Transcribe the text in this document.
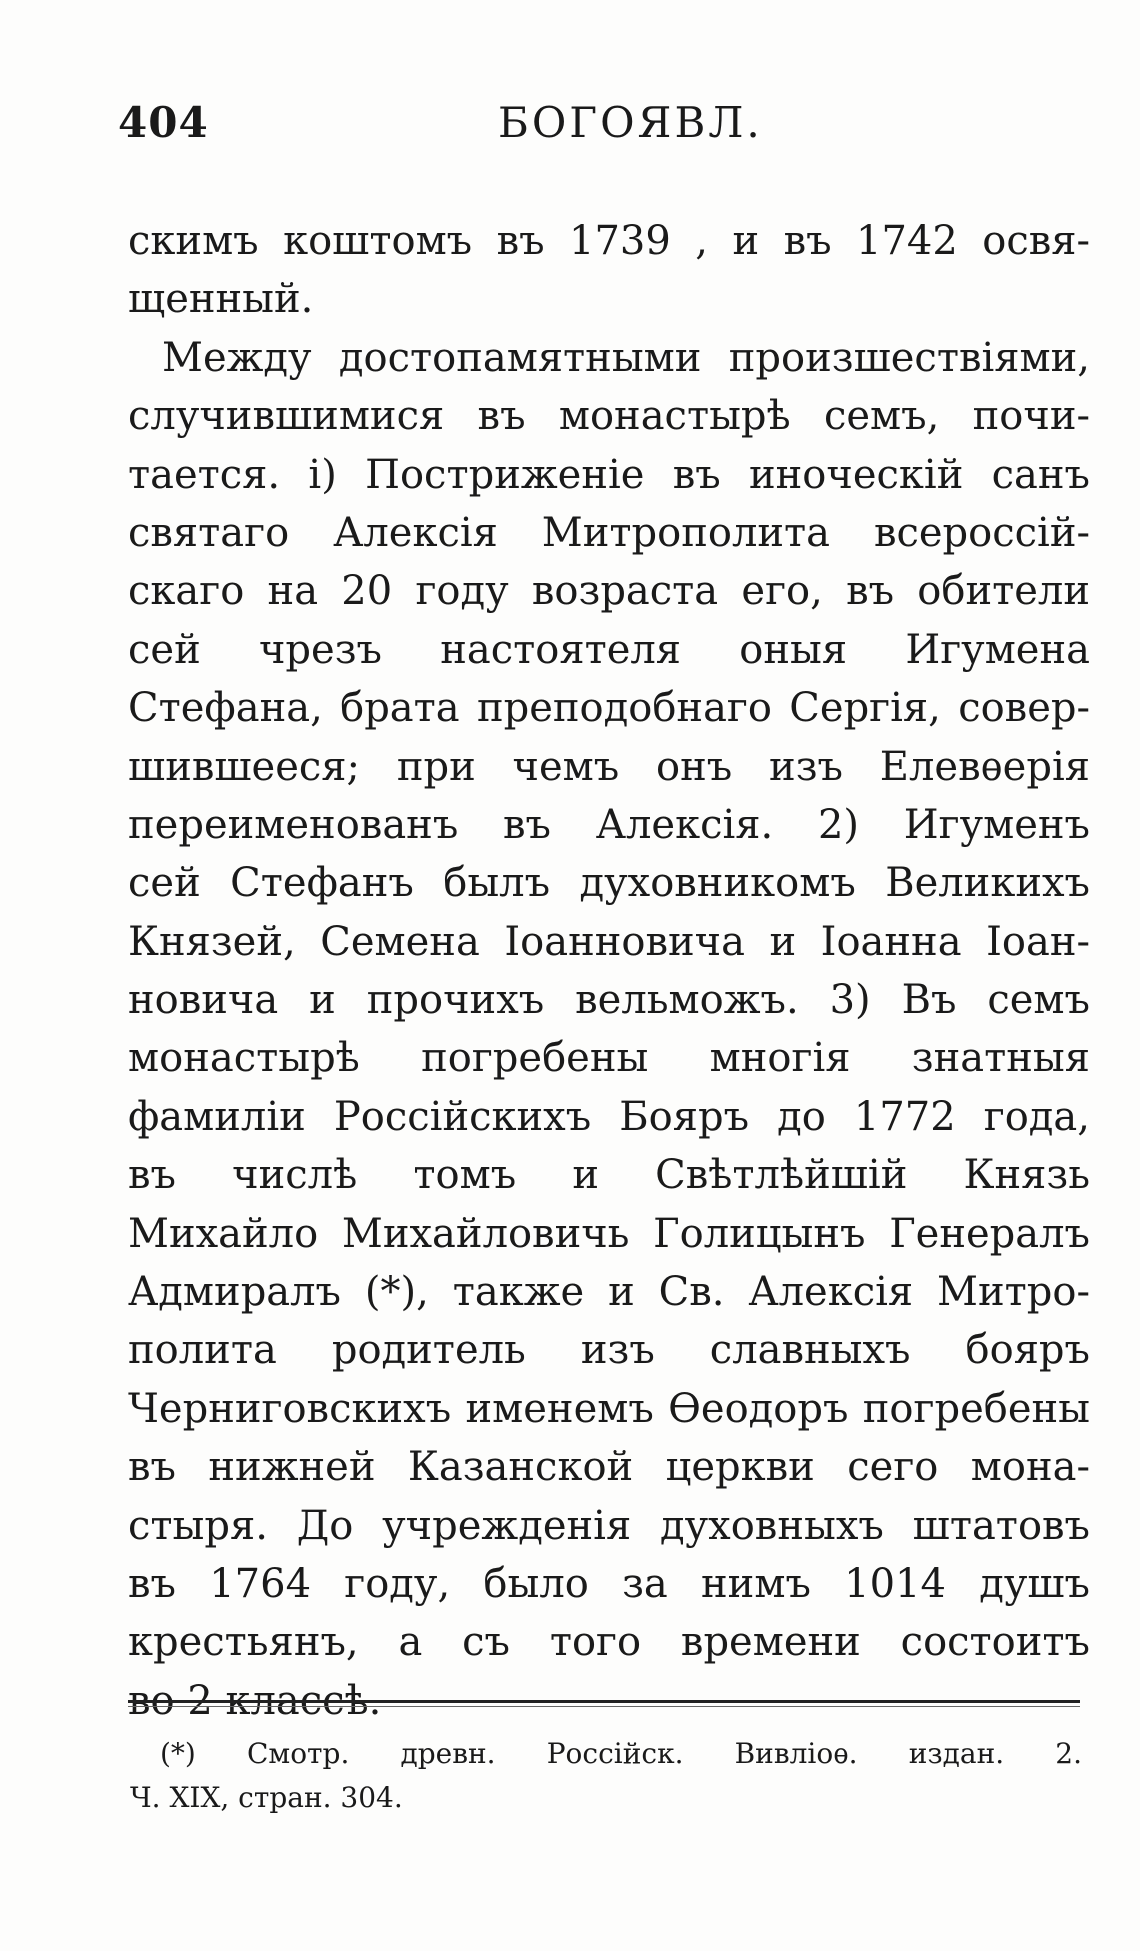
404	БОГОЯВЛ.
скимъ коштомъ въ 1739 , и въ 1742 освя-
щенный.
Между достопамятными произшествiями,
случившимися въ монастырѣ семъ, почи-
тается. i) Постриженiе въ иноческiй санъ
святаго Алексiя Митрополита всероссiй-
скаго на 20 году возраста его, въ обители
сей чрезъ настоятеля оныя Игумена
Стефана, брата преподобнаго Сергiя, совер-
шившееся; при чемъ онъ изъ Елевѳерiя
переименованъ въ Алексiя. 2) Игуменъ
сей Стефанъ былъ духовникомъ Великихъ
Князей, Семена Iоанновича и Iоанна Iоан-
новича и прочихъ вельможъ. 3) Въ семъ
монастырѣ погребены многiя знатныя
фамилiи Россiйскихъ Бояръ до 1772 года,
въ числѣ томъ и Свѣтлѣйшiй Князь
Михайло Михайловичь Голицынъ Генералъ
Адмиралъ (*), также и Св. Алексiя Митро-
полита родитель изъ славныхъ бояръ
Черниговскихъ именемъ Ѳеодоръ погребены
въ нижней Казанской церкви сего мона-
стыря. До учрежденiя духовныхъ штатовъ
въ 1764 году, было за нимъ 1014 душъ
крестьянъ, а съ того времени состоитъ
(*) Смотр. древн. Россiйск. Вивлioѳ. издан. 2.
Ч. XIX, стран. 304.
